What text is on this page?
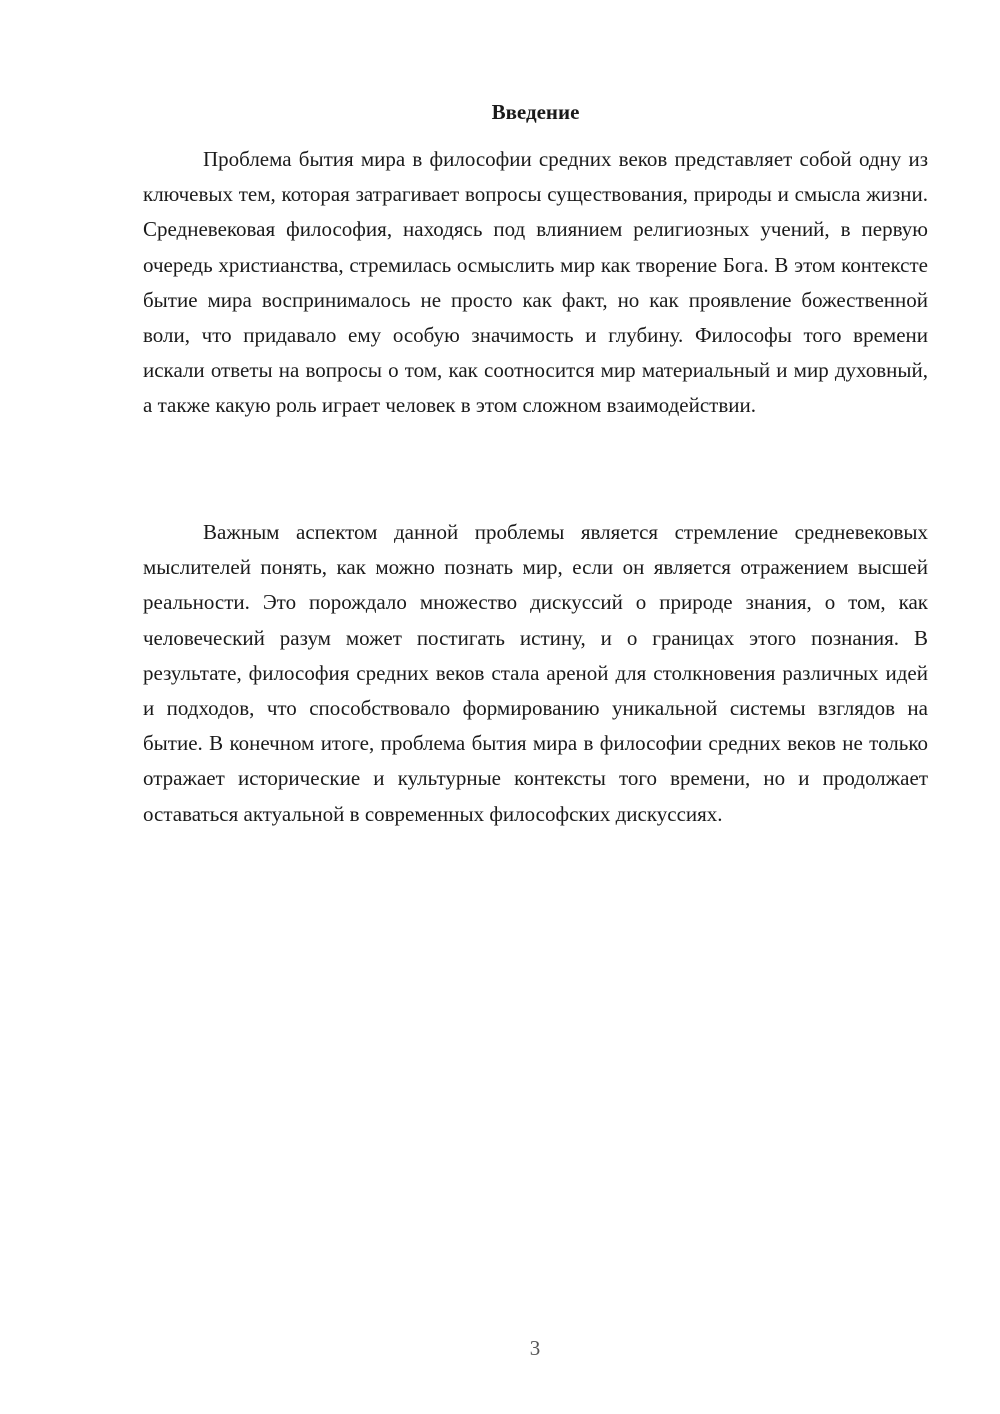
Введение

Проблема бытия мира в философии средних веков представляет собой одну из ключевых тем, которая затрагивает вопросы существования, природы и смысла жизни. Средневековая философия, находясь под влиянием религиозных учений, в первую очередь христианства, стремилась осмыслить мир как творение Бога. В этом контексте бытие мира воспринималось не просто как факт, но как проявление божественной воли, что придавало ему особую значимость и глубину. Философы того времени искали ответы на вопросы о том, как соотносится мир материальный и мир духовный, а также какую роль играет человек в этом сложном взаимодействии.

Важным аспектом данной проблемы является стремление средневековых мыслителей понять, как можно познать мир, если он является отражением высшей реальности. Это порождало множество дискуссий о природе знания, о том, как человеческий разум может постигать истину, и о границах этого познания. В результате, философия средних веков стала ареной для столкновения различных идей и подходов, что способствовало формированию уникальной системы взглядов на бытие. В конечном итоге, проблема бытия мира в философии средних веков не только отражает исторические и культурные контексты того времени, но и продолжает оставаться актуальной в современных философских дискуссиях.

3
